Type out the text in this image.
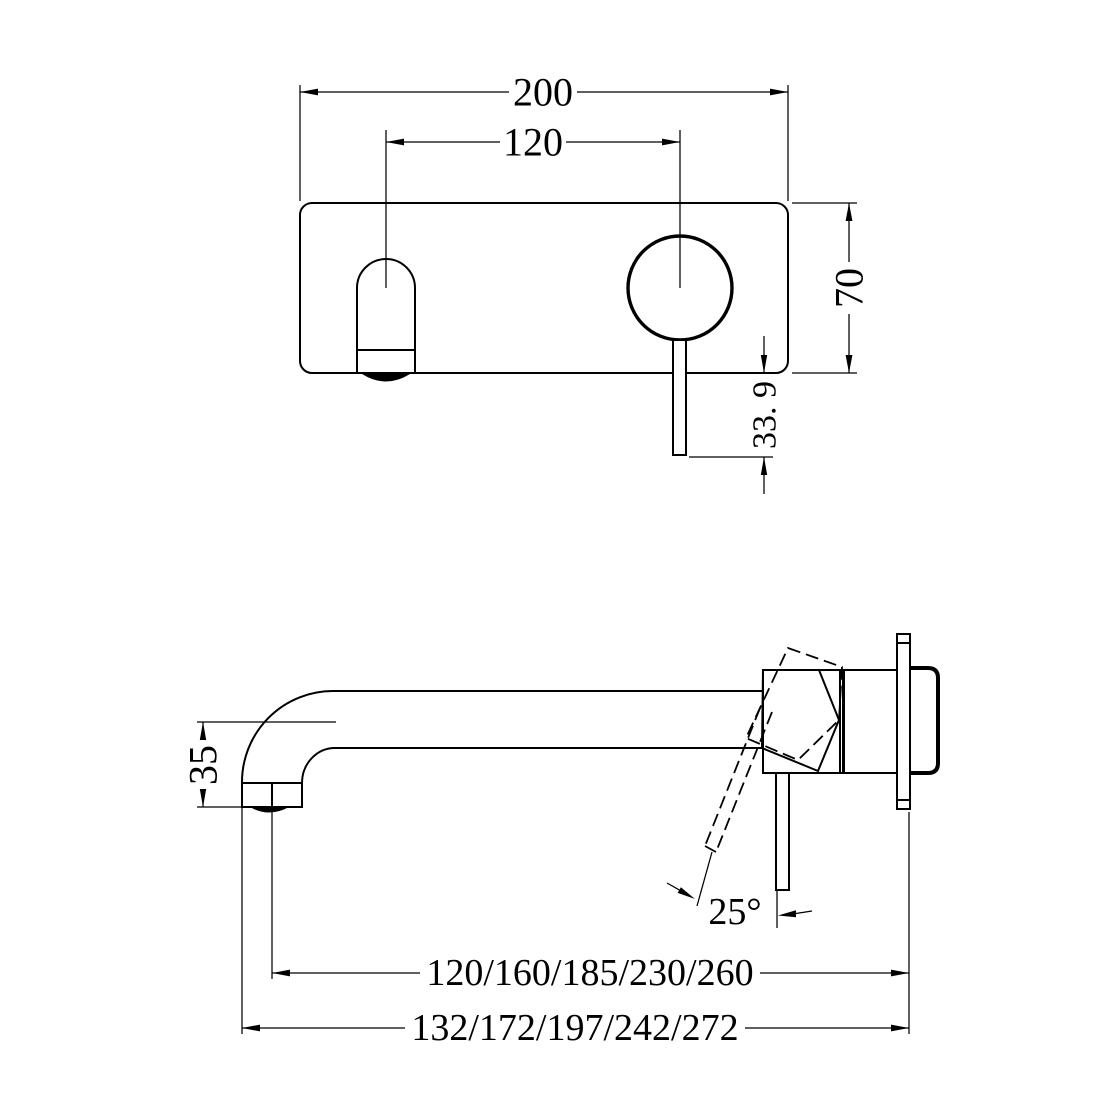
200
120
70
33. 9
35
25°
120/160/185/230/260
132/172/197/242/272
